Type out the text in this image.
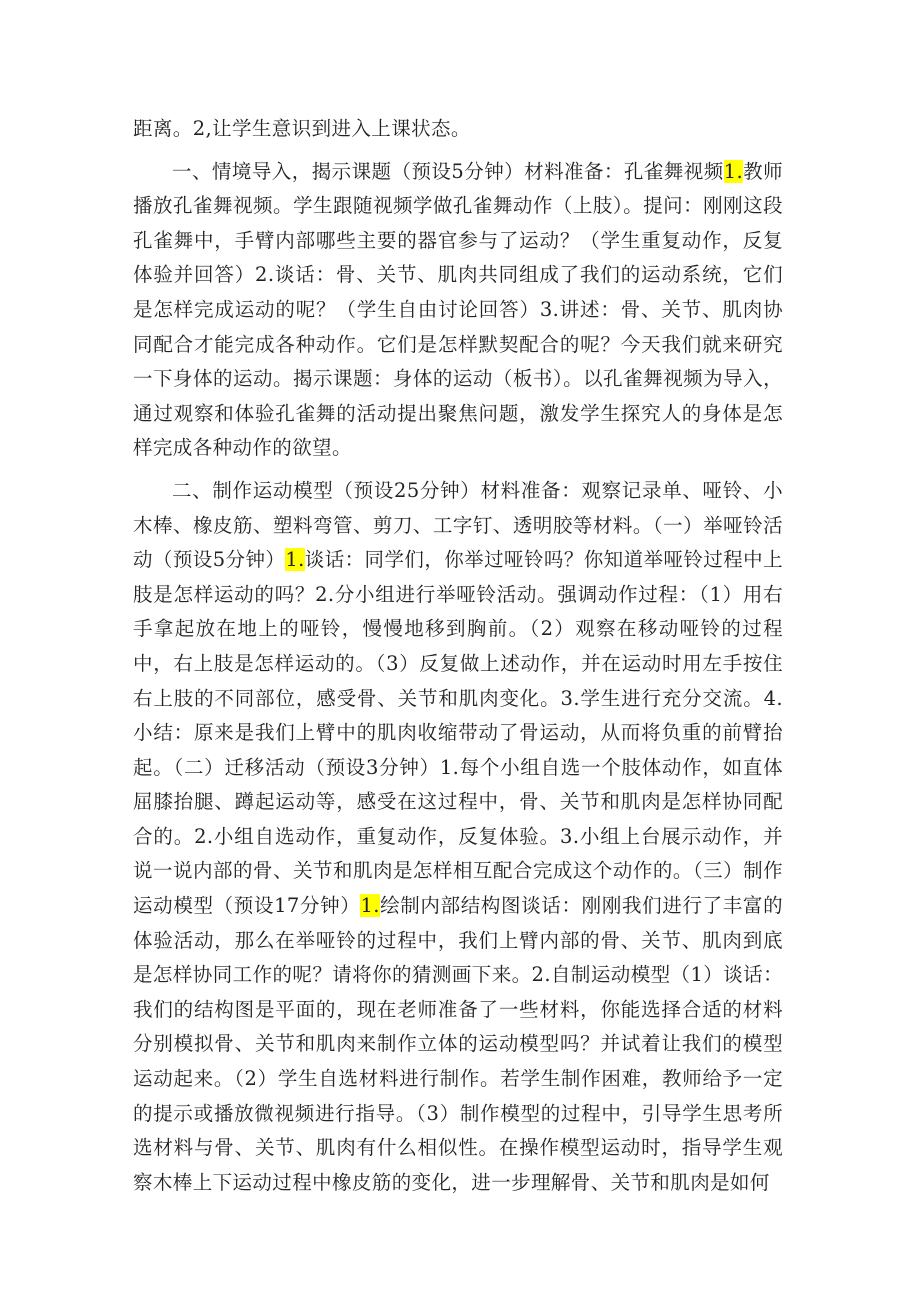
距离。2,让学生意识到进入上课状态。

一、情境导入，揭示课题（预设5分钟）材料准备：孔雀舞视频1.教师播放孔雀舞视频。学生跟随视频学做孔雀舞动作（上肢）。提问：刚刚这段孔雀舞中，手臂内部哪些主要的器官参与了运动？（学生重复动作，反复体验并回答）2.谈话：骨、关节、肌肉共同组成了我们的运动系统，它们是怎样完成运动的呢？（学生自由讨论回答）3.讲述：骨、关节、肌肉协同配合才能完成各种动作。它们是怎样默契配合的呢？今天我们就来研究一下身体的运动。揭示课题：身体的运动（板书）。以孔雀舞视频为导入，通过观察和体验孔雀舞的活动提出聚焦问题，激发学生探究人的身体是怎样完成各种动作的欲望。

二、制作运动模型（预设25分钟）材料准备：观察记录单、哑铃、小木棒、橡皮筋、塑料弯管、剪刀、工字钉、透明胶等材料。（一）举哑铃活动（预设5分钟）1.谈话：同学们，你举过哑铃吗？你知道举哑铃过程中上肢是怎样运动的吗？2.分小组进行举哑铃活动。强调动作过程：（1）用右手拿起放在地上的哑铃，慢慢地移到胸前。（2）观察在移动哑铃的过程中，右上肢是怎样运动的。（3）反复做上述动作，并在运动时用左手按住右上肢的不同部位，感受骨、关节和肌肉变化。3.学生进行充分交流。4.小结：原来是我们上臂中的肌肉收缩带动了骨运动，从而将负重的前臂抬起。（二）迁移活动（预设3分钟）1.每个小组自选一个肢体动作，如直体屈膝抬腿、蹲起运动等，感受在这过程中，骨、关节和肌肉是怎样协同配合的。2.小组自选动作，重复动作，反复体验。3.小组上台展示动作，并说一说内部的骨、关节和肌肉是怎样相互配合完成这个动作的。（三）制作运动模型（预设17分钟）1.绘制内部结构图谈话：刚刚我们进行了丰富的体验活动，那么在举哑铃的过程中，我们上臂内部的骨、关节、肌肉到底是怎样协同工作的呢？请将你的猜测画下来。2.自制运动模型（1）谈话：我们的结构图是平面的，现在老师准备了一些材料，你能选择合适的材料分别模拟骨、关节和肌肉来制作立体的运动模型吗？并试着让我们的模型运动起来。（2）学生自选材料进行制作。若学生制作困难，教师给予一定的提示或播放微视频进行指导。（3）制作模型的过程中，引导学生思考所选材料与骨、关节、肌肉有什么相似性。在操作模型运动时，指导学生观察木棒上下运动过程中橡皮筋的变化，进一步理解骨、关节和肌肉是如何
